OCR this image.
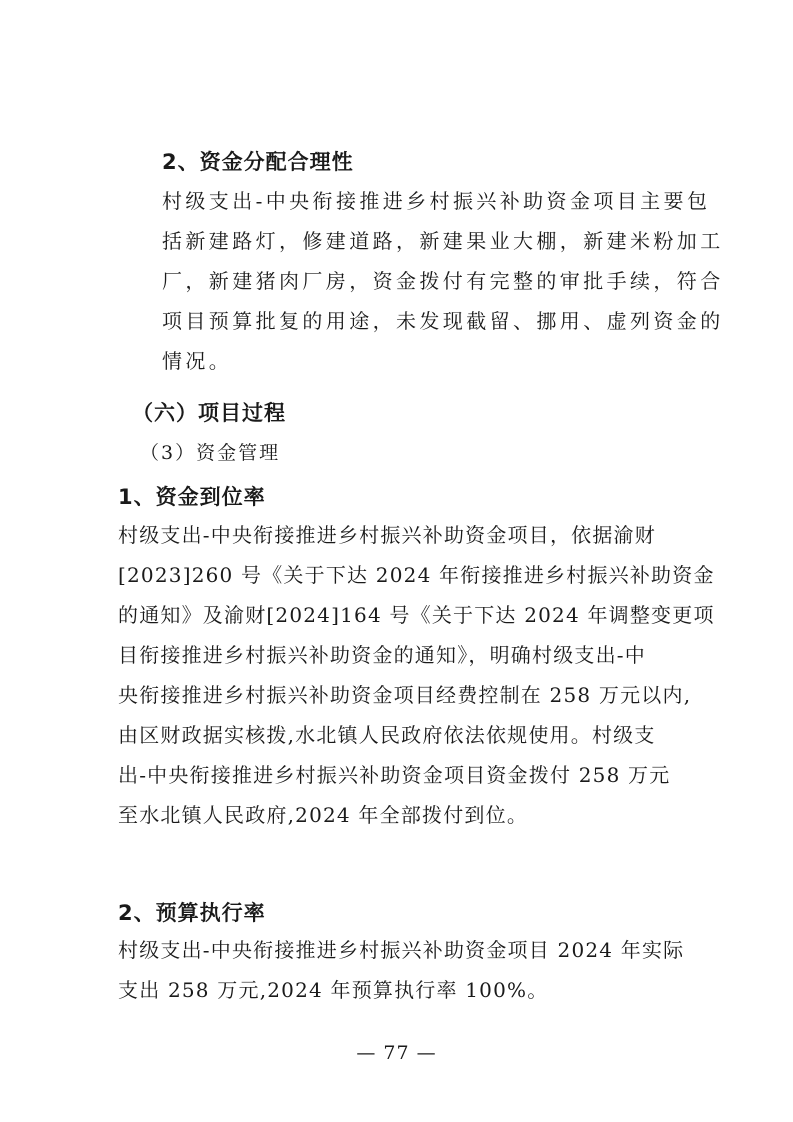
2、资金分配合理性
村级支出-中央衔接推进乡村振兴补助资金项目主要包
括新建路灯，修建道路，新建果业大棚，新建米粉加工
厂，新建猪肉厂房，资金拨付有完整的审批手续，符合
项目预算批复的用途，未发现截留、挪用、虚列资金的
情况。
（六）项目过程
（3）资金管理
1、资金到位率
村级支出-中央衔接推进乡村振兴补助资金项目，依据渝财
[2023]260 号《关于下达 2024 年衔接推进乡村振兴补助资金
的通知》及渝财[2024]164 号《关于下达 2024 年调整变更项
目衔接推进乡村振兴补助资金的通知》，明确村级支出-中
央衔接推进乡村振兴补助资金项目经费控制在 258 万元以内,
由区财政据实核拨,水北镇人民政府依法依规使用。村级支
出-中央衔接推进乡村振兴补助资金项目资金拨付 258 万元
至水北镇人民政府,2024 年全部拨付到位。
2、预算执行率
村级支出-中央衔接推进乡村振兴补助资金项目 2024 年实际
支出 258 万元,2024 年预算执行率 100%。
— 77 —
